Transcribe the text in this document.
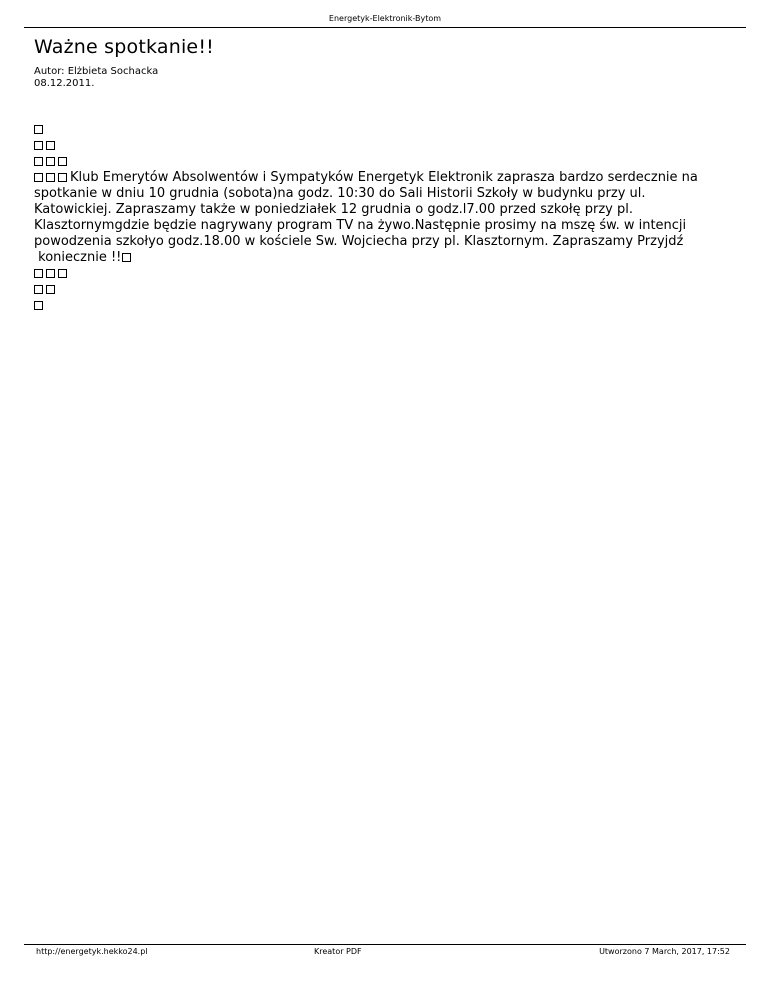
Energetyk-Elektronik-Bytom
Ważne spotkanie!!
Autor: Elżbieta Sochacka
08.12.2011.
Klub Emerytów Absolwentów i Sympatyków Energetyk Elektronik zaprasza bardzo serdecznie na
spotkanie w dniu 10 grudnia (sobota)na godz. 10:30 do Sali Historii Szkoły w budynku przy ul.
Katowickiej. Zapraszamy także w poniedziałek 12 grudnia o godz.l7.00 przed szkołę przy pl.
Klasztornymgdzie będzie nagrywany program TV na żywo.Następnie prosimy na mszę św. w intencji
powodzenia szkołyo godz.18.00 w kościele Sw. Wojciecha przy pl. Klasztornym. Zapraszamy Przyjdź
koniecznie !!
http://energetyk.hekko24.pl	Kreator PDF	Utworzono 7 March, 2017, 17:52
